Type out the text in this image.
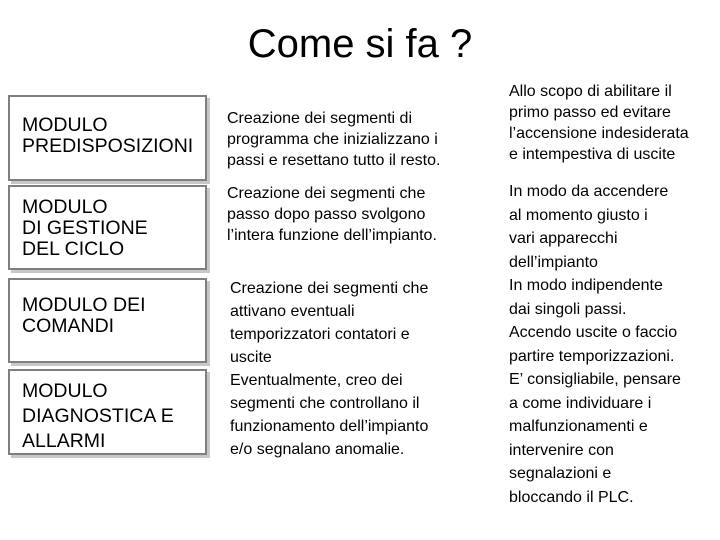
Come si fa ?
MODULO
PREDISPOSIZIONI
MODULO
DI GESTIONE
DEL CICLO
MODULO DEI
COMANDI
MODULO
DIAGNOSTICA E
ALLARMI
Creazione dei segmenti di
programma che inizializzano i
passi e resettano tutto il resto.
Creazione dei segmenti che
passo dopo passo svolgono
l’intera funzione dell’impianto.
Creazione dei segmenti che
attivano eventuali
temporizzatori contatori e
uscite
Eventualmente, creo dei
segmenti che controllano il
funzionamento dell’impianto
e/o segnalano anomalie.
Allo scopo di abilitare il
primo passo ed evitare
l’accensione indesiderata
e intempestiva di uscite
In modo da accendere
al momento giusto i
vari apparecchi
dell’impianto
In modo indipendente
dai singoli passi.
Accendo uscite o faccio
partire temporizzazioni.
E’ consigliabile, pensare
a come individuare i
malfunzionamenti e
intervenire con
segnalazioni e
bloccando il PLC.
